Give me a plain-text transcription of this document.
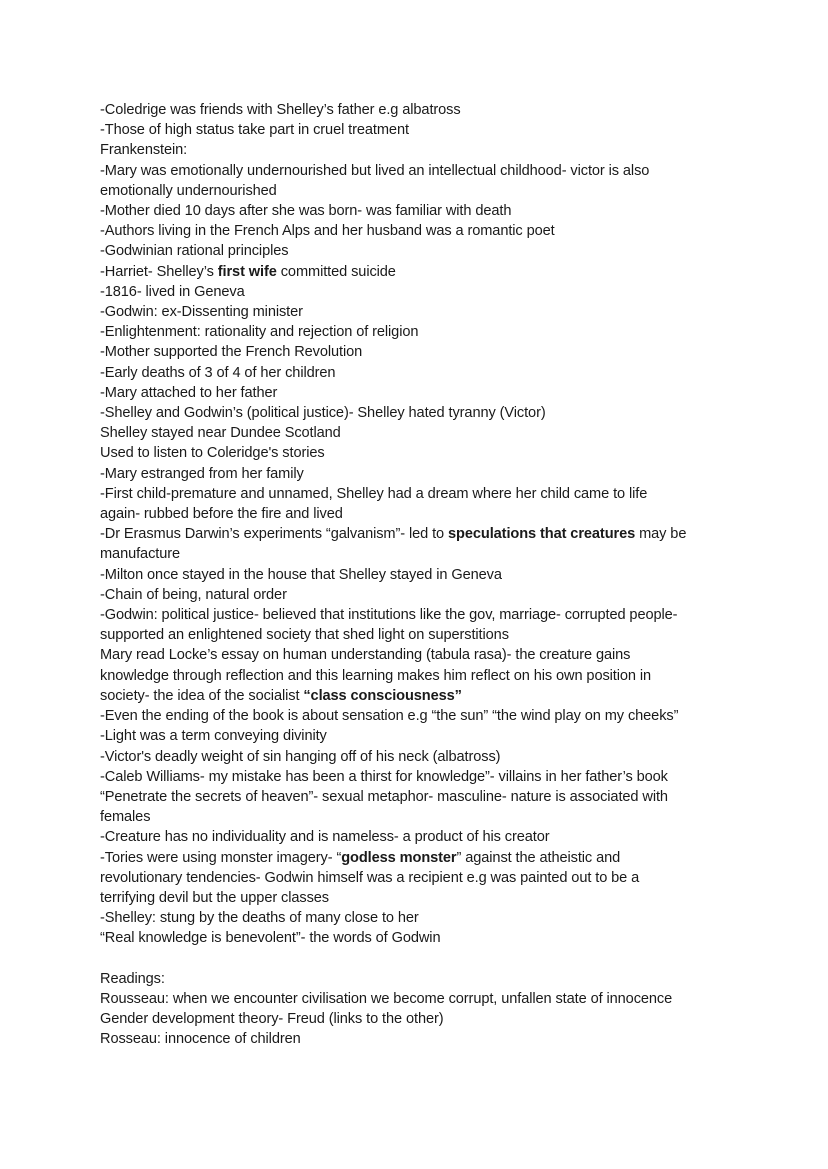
-Coledrige was friends with Shelley’s father e.g albatross
-Those of high status take part in cruel treatment
Frankenstein:
-Mary was emotionally undernourished but lived an intellectual childhood- victor is also
emotionally undernourished
-Mother died 10 days after she was born- was familiar with death
-Authors living in the French Alps and her husband was a romantic poet
-Godwinian rational principles
-Harriet- Shelley’s first wife committed suicide
-1816- lived in Geneva
-Godwin: ex-Dissenting minister
-Enlightenment: rationality and rejection of religion
-Mother supported the French Revolution
-Early deaths of 3 of 4 of her children
-Mary attached to her father
-Shelley and Godwin’s (political justice)- Shelley hated tyranny (Victor)
Shelley stayed near Dundee Scotland
Used to listen to Coleridge's stories
-Mary estranged from her family
-First child-premature and unnamed, Shelley had a dream where her child came to life
again- rubbed before the fire and lived
-Dr Erasmus Darwin’s experiments “galvanism”- led to speculations that creatures may be
manufacture
-Milton once stayed in the house that Shelley stayed in Geneva
-Chain of being, natural order
-Godwin: political justice- believed that institutions like the gov, marriage- corrupted people-
supported an enlightened society that shed light on superstitions
Mary read Locke’s essay on human understanding (tabula rasa)- the creature gains
knowledge through reflection and this learning makes him reflect on his own position in
society- the idea of the socialist “class consciousness”
-Even the ending of the book is about sensation e.g “the sun” “the wind play on my cheeks”
-Light was a term conveying divinity
-Victor's deadly weight of sin hanging off of his neck (albatross)
-Caleb Williams- my mistake has been a thirst for knowledge”- villains in her father’s book
“Penetrate the secrets of heaven”- sexual metaphor- masculine- nature is associated with
females
-Creature has no individuality and is nameless- a product of his creator
-Tories were using monster imagery- “godless monster” against the atheistic and
revolutionary tendencies- Godwin himself was a recipient e.g was painted out to be a
terrifying devil but the upper classes
-Shelley: stung by the deaths of many close to her
“Real knowledge is benevolent”- the words of Godwin
Readings:
Rousseau: when we encounter civilisation we become corrupt, unfallen state of innocence
Gender development theory- Freud (links to the other)
Rosseau: innocence of children
